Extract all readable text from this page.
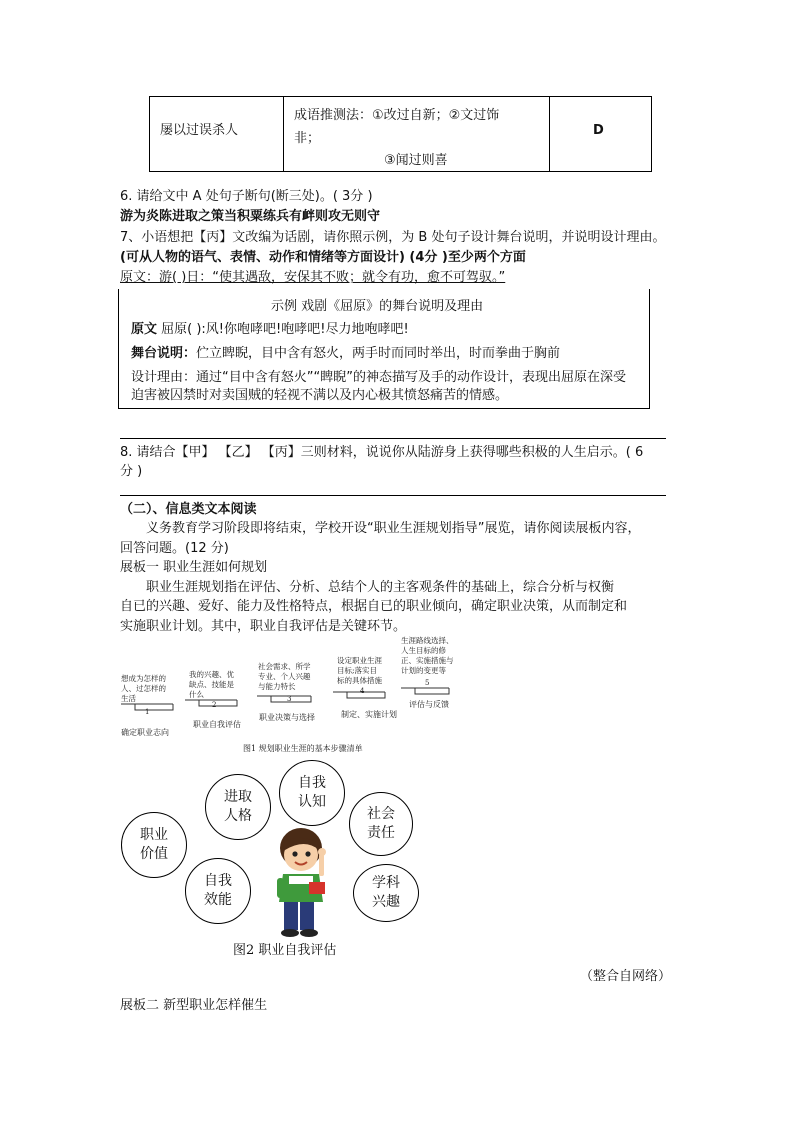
屡以过误杀人
成语推测法：①改过自新；②文过饰
非；
③闻过则喜
D
6. 请给文中 A 处句子断句(断三处)。( 3分 )
游为炎陈进取之策当积粟练兵有衅则攻无则守
7、小语想把【丙】文改编为话剧，请你照示例，为 B 处句子设计舞台说明，并说明设计理由。
(可从人物的语气、表情、动作和情绪等方面设计) (4分 )至少两个方面
原文：游( )日：“使其遇敌，安保其不败；就令有功，愈不可驾驭。”
示例 戏剧《屈原》的舞台说明及理由
原文 屈原( ):风!你咆哮吧!咆哮吧!尽力地咆哮吧!
舞台说明：伫立睥睨，目中含有怒火，两手时而同时举出，时而拳曲于胸前
设计理由：通过“目中含有怒火”“睥睨”的神态描写及手的动作设计，表现出屈原在深受
迫害被囚禁时对卖国贼的轻视不满以及内心极其愤怒痛苦的情感。
8. 请结合【甲】 【乙】 【丙】三则材料，说说你从陆游身上获得哪些积极的人生启示。( 6
分 )
（二）、信息类文本阅读
义务教育学习阶段即将结束，学校开设“职业生涯规划指导”展览，请你阅读展板内容，
回答问题。(12 分)
展板一 职业生涯如何规划
职业生涯规划指在评估、分析、总结个人的主客观条件的基础上，综合分析与权衡
自已的兴趣、爱好、能力及性格特点，根据自已的职业倾向，确定职业决策，从而制定和
实施职业计划。其中，职业自我评估是关键环节。
想成为怎样的
人、过怎样的
生活
1
确定职业志向
我的兴趣、优
缺点、技能是
什么
2
职业自我评估
社会需求、所学
专业、个人兴趣
与能力特长
3
职业决策与选择
设定职业生涯
目标;落实目
标的具体措施
4
制定、实施计划
生涯路线选择、
人生目标的修
正、实施措施与
计划的变更等
5
评估与反馈
图1 规划职业生涯的基本步骤清单
进取
人格
自我
认知
社会
责任
职业
价值
自我
效能
学科
兴趣
图2 职业自我评估
（整合自网络）
展板二 新型职业怎样催生
